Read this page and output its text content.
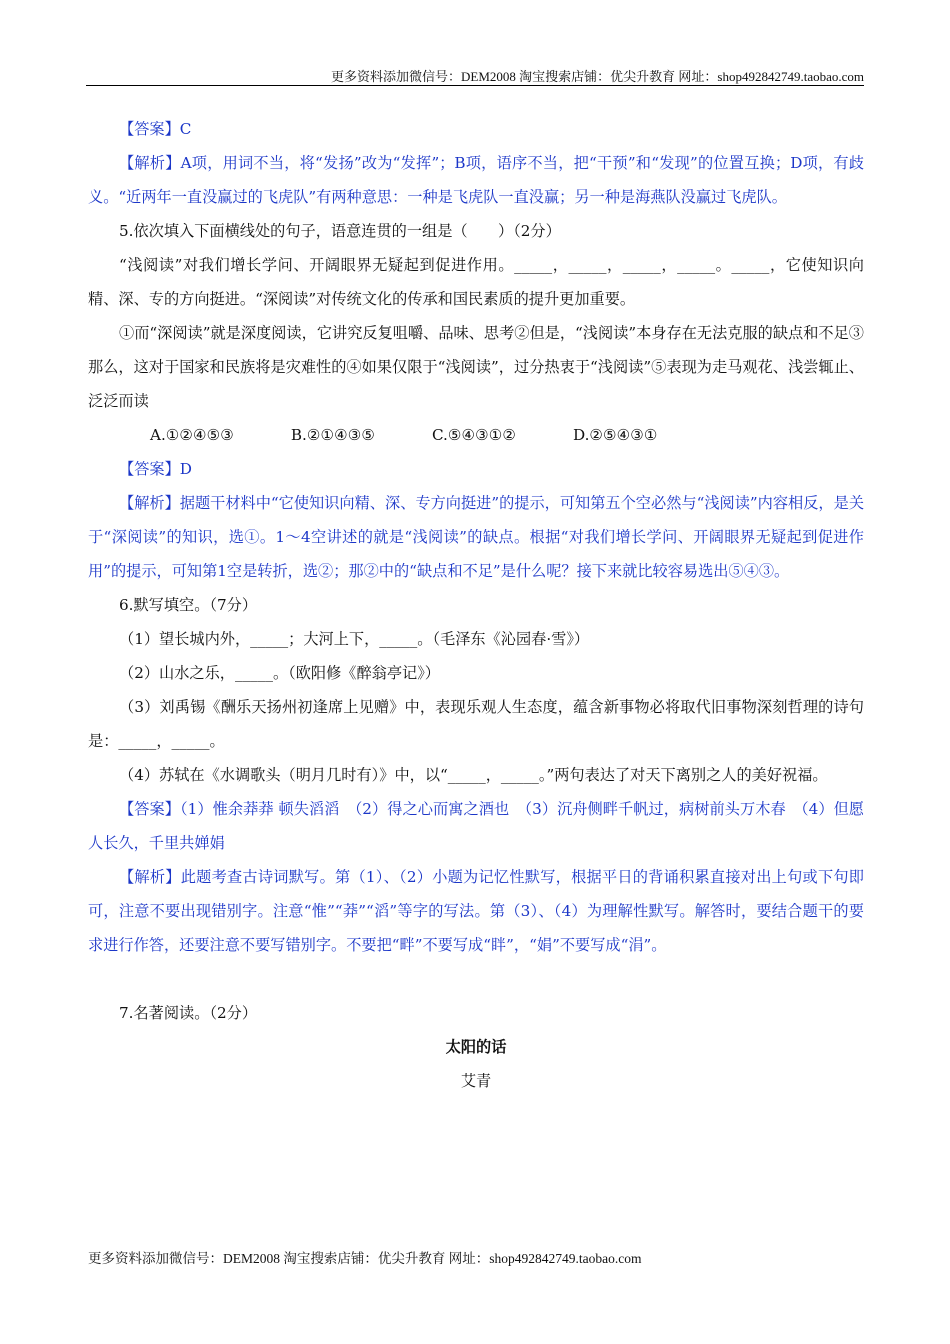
更多资料添加微信号：DEM2008 淘宝搜索店铺：优尖升教育 网址：shop492842749.taobao.com

【答案】C

【解析】A项，用词不当，将“发扬”改为“发挥”；B项，语序不当，把“干预”和“发现”的位置互换；D项，有歧义。“近两年一直没赢过的飞虎队”有两种意思：一种是飞虎队一直没赢；另一种是海燕队没赢过飞虎队。

5.依次填入下面横线处的句子，语意连贯的一组是（　　）（2分）

“浅阅读”对我们增长学问、开阔眼界无疑起到促进作用。_____，_____，_____，_____。_____，它使知识向精、深、专的方向挺进。“深阅读”对传统文化的传承和国民素质的提升更加重要。

①而“深阅读”就是深度阅读，它讲究反复咀嚼、品味、思考②但是，“浅阅读”本身存在无法克服的缺点和不足③那么，这对于国家和民族将是灾难性的④如果仅限于“浅阅读”，过分热衷于“浅阅读”⑤表现为走马观花、浅尝辄止、泛泛而读

A.①②④⑤③	B.②①④③⑤	C.⑤④③①②	D.②⑤④③①

【答案】D

【解析】据题干材料中“它使知识向精、深、专方向挺进”的提示，可知第五个空必然与“浅阅读”内容相反，是关于“深阅读”的知识，选①。1～4空讲述的就是“浅阅读”的缺点。根据“对我们增长学问、开阔眼界无疑起到促进作用”的提示，可知第1空是转折，选②；那②中的“缺点和不足”是什么呢？接下来就比较容易选出⑤④③。

6.默写填空。（7分）

（1）望长城内外，_____；大河上下，_____。（毛泽东《沁园春·雪》）

（2）山水之乐，_____。（欧阳修《醉翁亭记》）

（3）刘禹锡《酬乐天扬州初逢席上见赠》中，表现乐观人生态度，蕴含新事物必将取代旧事物深刻哲理的诗句是：_____，_____。

（4）苏轼在《水调歌头（明月几时有）》中，以“_____，_____。”两句表达了对天下离别之人的美好祝福。

【答案】（1）惟余莽莽 顿失滔滔　（2）得之心而寓之酒也　（3）沉舟侧畔千帆过，病树前头万木春　（4）但愿人长久，千里共婵娟

【解析】此题考查古诗词默写。第（1）、（2）小题为记忆性默写，根据平日的背诵积累直接对出上句或下句即可，注意不要出现错别字。注意“惟”“莽”“滔”等字的写法。第（3）、（4）为理解性默写。解答时，要结合题干的要求进行作答，还要注意不要写错别字。不要把“畔”不要写成“眫”，“娟”不要写成“涓”。

7.名著阅读。（2分）

太阳的话

艾青

更多资料添加微信号：DEM2008 淘宝搜索店铺：优尖升教育 网址：shop492842749.taobao.com
